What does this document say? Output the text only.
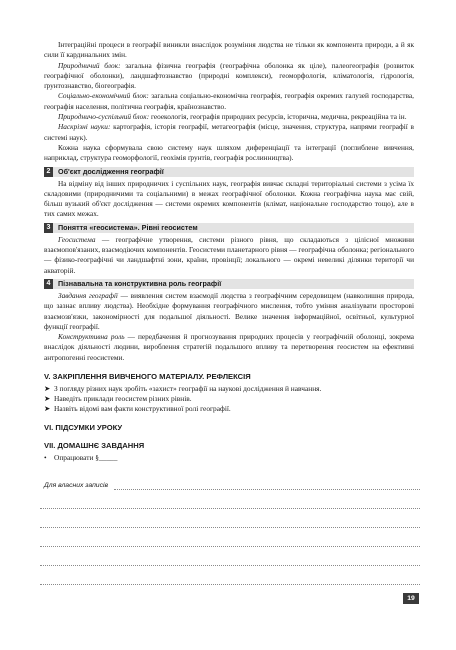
Інтеграційні процеси в географії виникли внаслідок розуміння людства не тільки як компонента природи, а й як сили її кардинальних змін.

Природничий блок: загальна фізична географія (географічна оболонка як ціле), палеогеографія (розвиток географічної оболонки), ландшафтознавство (природні комплекси), геоморфологія, кліматологія, гідрологія, ґрунтознавство, біогеографія.

Соціально-економічний блок: загальна соціально-економічна географія, географія окремих галузей господарства, географія населення, політична географія, країнознавство.

Природничо-суспільний блок: геоекологія, географія природних ресурсів, історична, медична, рекреаційна та ін.

Наскрізні науки: картографія, історія географії, метагеографія (місце, значення, структура, напрями географії в системі наук).

Кожна наука сформувала свою систему наук шляхом диференціації та інтеграції (поглиблене вивчення, наприклад, структура геоморфології, геохімія ґрунтів, географія рослинництва).

2	Об'єкт дослідження географії

На відміну від інших природничих і суспільних наук, географія вивчає складні територіальні системи з усіма їх складовими (природничими та соціальними) в межах географічної оболонки. Кожна географічна наука має свій, більш вузький об'єкт дослідження — системи окремих компонентів (клімат, національне господарство тощо), але в тих самих межах.

3	Поняття «геосистема». Рівні геосистем

Геосистема — географічне утворення, системи різного рівня, що складаються з цілісної множини взаємопов'язаних, взаємодіючих компонентів. Геосистеми планетарного рівня — географічна оболонка; регіонального — фізико-географічні чи ландшафтні зони, країни, провінції; локального — окремі невеликі ділянки території чи акваторій.

4	Пізнавальна та конструктивна роль географії

Завдання географії — виявлення систем взаємодії людства з географічним середовищем (навколишня природа, що зазнає впливу людства). Необхідне формування географічного мислення, тобто уміння аналізувати просторові взаємозв'язки, закономірності для подальшої діяльності. Велике значення інформаційної, освітньої, культурної функції географії.

Конструктивна роль — передбачення й прогнозування природних процесів у географічній оболонці, зокрема внаслідок діяльності людини, вироблення стратегій подальшого впливу та перетворення геосистем на ефективні антропогенні геосистеми.

V. ЗАКРІПЛЕННЯ ВИВЧЕНОГО МАТЕРІАЛУ. РЕФЛЕКСІЯ
➤ З погляду різних наук зробіть «захист» географії на наукові дослідження й навчання.
➤ Наведіть приклади геосистем різних рівнів.
➤ Назвіть відомі вам факти конструктивної ролі географії.
VI. ПІДСУМКИ УРОКУ
VII. ДОМАШНЄ ЗАВДАННЯ
•	Опрацювати §_____
Для власних записів
19
